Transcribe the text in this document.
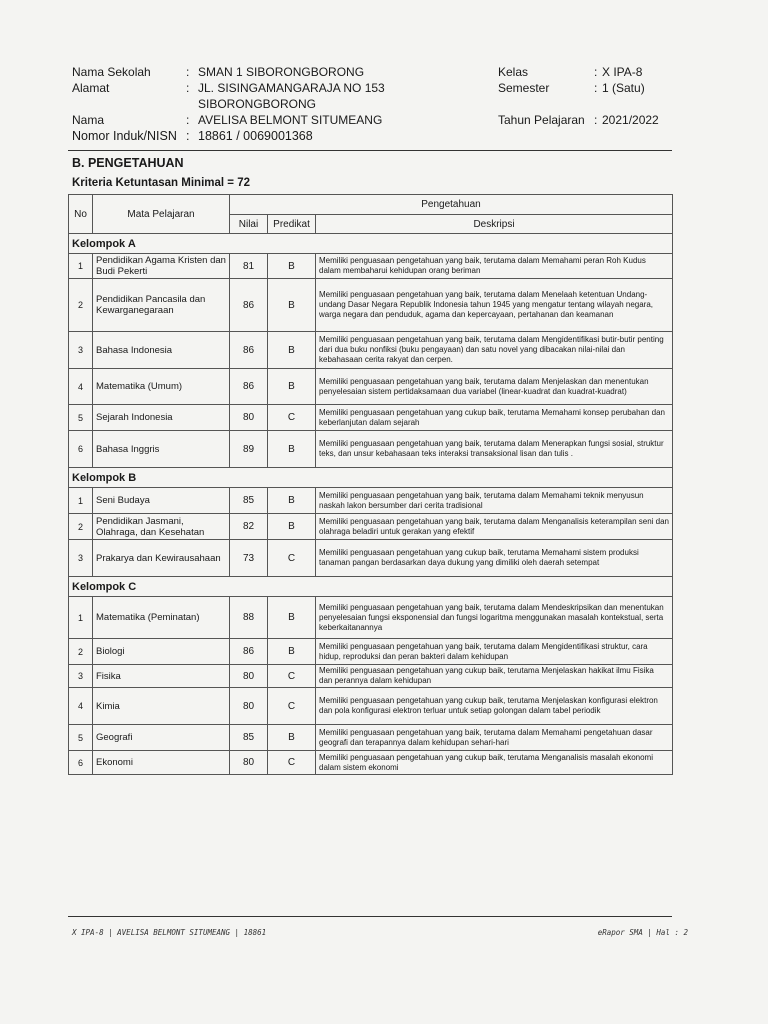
Nama Sekolah	: SMAN 1 SIBORONGBORONG
Alamat	: JL. SISINGAMANGARAJA NO 153
SIBORONGBORONG
Nama	: AVELISA BELMONT SITUMEANG
Nomor Induk/NISN : 18861 / 0069001368
Kelas	: X IPA-8
Semester	: 1 (Satu)
Tahun Pelajaran : 2021/2022
B. PENGETAHUAN
Kriteria Ketuntasan Minimal = 72
No	Mata Pelajaran	Pengetahuan		
		Nilai	Predikat	Deskripsi
Kelompok A				
1	Pendidikan Agama Kristen dan Budi Pekerti	81	B	Memiliki penguasaan pengetahuan yang baik, terutama dalam Memahami peran Roh Kudus dalam membaharui kehidupan orang beriman
2	Pendidikan Pancasila dan Kewarganegaraan	86	B	Memiliki penguasaan pengetahuan yang baik, terutama dalam Menelaah ketentuan Undang-undang Dasar Negara Republik Indonesia tahun 1945 yang mengatur tentang wilayah negara, warga negara dan penduduk, agama dan kepercayaan, pertahanan dan keamanan
3	Bahasa Indonesia	86	B	Memiliki penguasaan pengetahuan yang baik, terutama dalam Mengidentifikasi butir-butir penting dari dua buku nonfiksi (buku pengayaan) dan satu novel yang dibacakan nilai-nilai dan kebahasaan cerita rakyat dan cerpen.
4	Matematika (Umum)	86	B	Memiliki penguasaan pengetahuan yang baik, terutama dalam Menjelaskan dan menentukan penyelesaian sistem pertidaksamaan dua variabel (linear-kuadrat dan kuadrat-kuadrat)
5	Sejarah Indonesia	80	C	Memiliki penguasaan pengetahuan yang cukup baik, terutama Memahami konsep perubahan dan keberlanjutan dalam sejarah
6	Bahasa Inggris	89	B	Memiliki penguasaan pengetahuan yang baik, terutama dalam Menerapkan fungsi sosial, struktur teks, dan unsur kebahasaan teks interaksi transaksional lisan dan tulis .
Kelompok B				
1	Seni Budaya	85	B	Memiliki penguasaan pengetahuan yang baik, terutama dalam Memahami teknik menyusun naskah lakon bersumber dari cerita tradisional
2	Pendidikan Jasmani, Olahraga, dan Kesehatan	82	B	Memiliki penguasaan pengetahuan yang baik, terutama dalam Menganalisis keterampilan seni dan olahraga beladiri untuk gerakan yang efektif
3	Prakarya dan Kewirausahaan	73	C	Memiliki penguasaan pengetahuan yang cukup baik, terutama Memahami sistem produksi tanaman pangan berdasarkan daya dukung yang dimiliki oleh daerah setempat
Kelompok C				
1	Matematika (Peminatan)	88	B	Memiliki penguasaan pengetahuan yang baik, terutama dalam Mendeskripsikan dan menentukan penyelesaian fungsi eksponensial dan fungsi logaritma menggunakan masalah kontekstual, serta keberkaitanannya
2	Biologi	86	B	Memiliki penguasaan pengetahuan yang baik, terutama dalam Mengidentifikasi struktur, cara hidup, reproduksi dan peran bakteri dalam kehidupan
3	Fisika	80	C	Memiliki penguasaan pengetahuan yang cukup baik, terutama Menjelaskan hakikat ilmu Fisika dan perannya dalam kehidupan
4	Kimia	80	C	Memiliki penguasaan pengetahuan yang cukup baik, terutama Menjelaskan konfigurasi elektron dan pola konfigurasi elektron terluar untuk setiap golongan dalam tabel periodik
5	Geografi	85	B	Memiliki penguasaan pengetahuan yang baik, terutama dalam Memahami pengetahuan dasar geografi dan terapannya dalam kehidupan sehari-hari
6	Ekonomi	80	C	Memiliki penguasaan pengetahuan yang cukup baik, terutama Menganalisis masalah ekonomi dalam sistem ekonomi
X IPA-8 | AVELISA BELMONT SITUMEANG | 18861	eRapor SMA | Hal : 2
